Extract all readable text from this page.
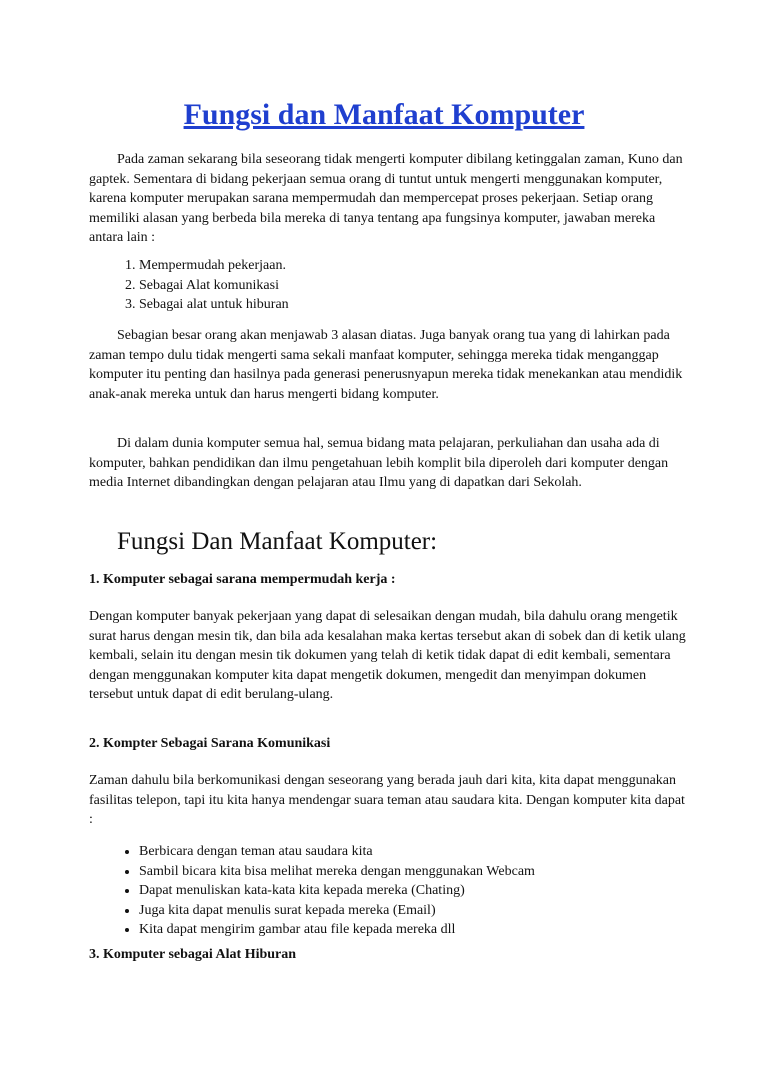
Fungsi dan Manfaat Komputer
Pada zaman sekarang bila seseorang tidak mengerti komputer dibilang ketinggalan zaman, Kuno dan gaptek. Sementara di bidang pekerjaan semua orang di tuntut untuk mengerti menggunakan komputer, karena komputer merupakan sarana mempermudah dan mempercepat proses pekerjaan. Setiap orang memiliki alasan yang berbeda bila mereka di tanya tentang apa fungsinya komputer, jawaban mereka antara lain :
1. Mempermudah pekerjaan.
2. Sebagai Alat komunikasi
3. Sebagai alat untuk hiburan
Sebagian besar orang akan menjawab 3 alasan diatas. Juga banyak orang tua yang di lahirkan pada zaman tempo dulu tidak mengerti sama sekali manfaat komputer, sehingga mereka tidak menganggap komputer itu penting dan hasilnya pada generasi penerusnyapun mereka tidak menekankan atau mendidik anak-anak mereka untuk dan harus mengerti bidang komputer.
Di dalam dunia komputer semua hal, semua bidang mata pelajaran, perkuliahan dan usaha ada di komputer, bahkan pendidikan dan ilmu pengetahuan lebih komplit bila diperoleh dari komputer dengan media Internet dibandingkan dengan pelajaran atau Ilmu yang di dapatkan dari Sekolah.
Fungsi Dan Manfaat Komputer:
1. Komputer sebagai sarana mempermudah kerja :
Dengan komputer banyak pekerjaan yang dapat di selesaikan dengan mudah, bila dahulu orang mengetik surat harus dengan mesin tik, dan bila ada kesalahan maka kertas tersebut akan di sobek dan di ketik ulang kembali, selain itu dengan mesin tik dokumen yang telah di ketik tidak dapat di edit kembali, sementara dengan menggunakan komputer kita dapat mengetik dokumen, mengedit dan menyimpan dokumen tersebut untuk dapat di edit berulang-ulang.
2. Kompter Sebagai Sarana Komunikasi
Zaman dahulu bila berkomunikasi dengan seseorang yang berada jauh dari kita, kita dapat menggunakan fasilitas telepon, tapi itu kita hanya mendengar suara teman atau saudara kita. Dengan komputer kita dapat :
• Berbicara dengan teman atau saudara kita
• Sambil bicara kita bisa melihat mereka dengan menggunakan Webcam
• Dapat menuliskan kata-kata kita kepada mereka (Chating)
• Juga kita dapat menulis surat kepada mereka (Email)
• Kita dapat mengirim gambar atau file kepada mereka dll
3. Komputer sebagai Alat Hiburan
